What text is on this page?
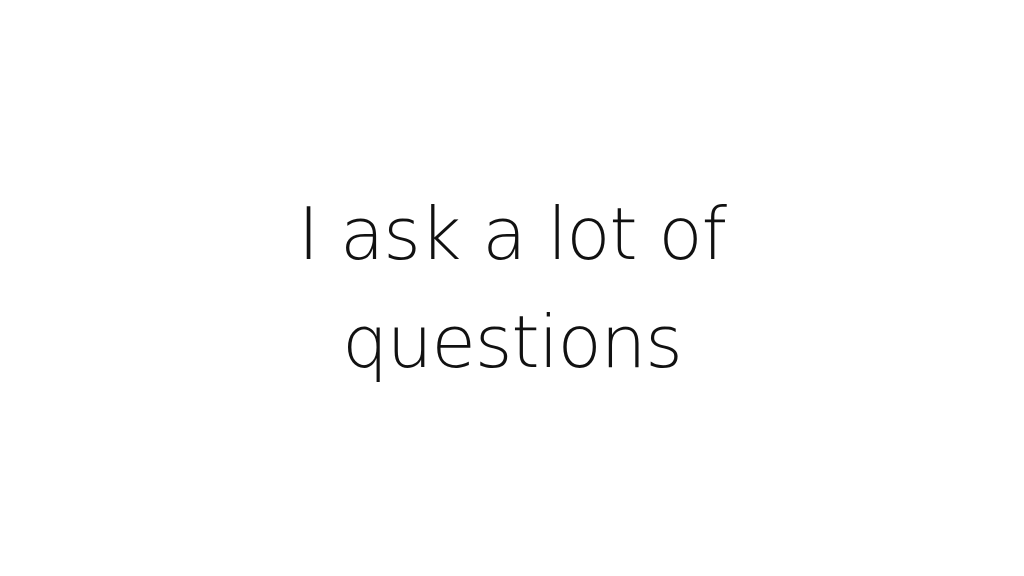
I ask a lot of
questions
